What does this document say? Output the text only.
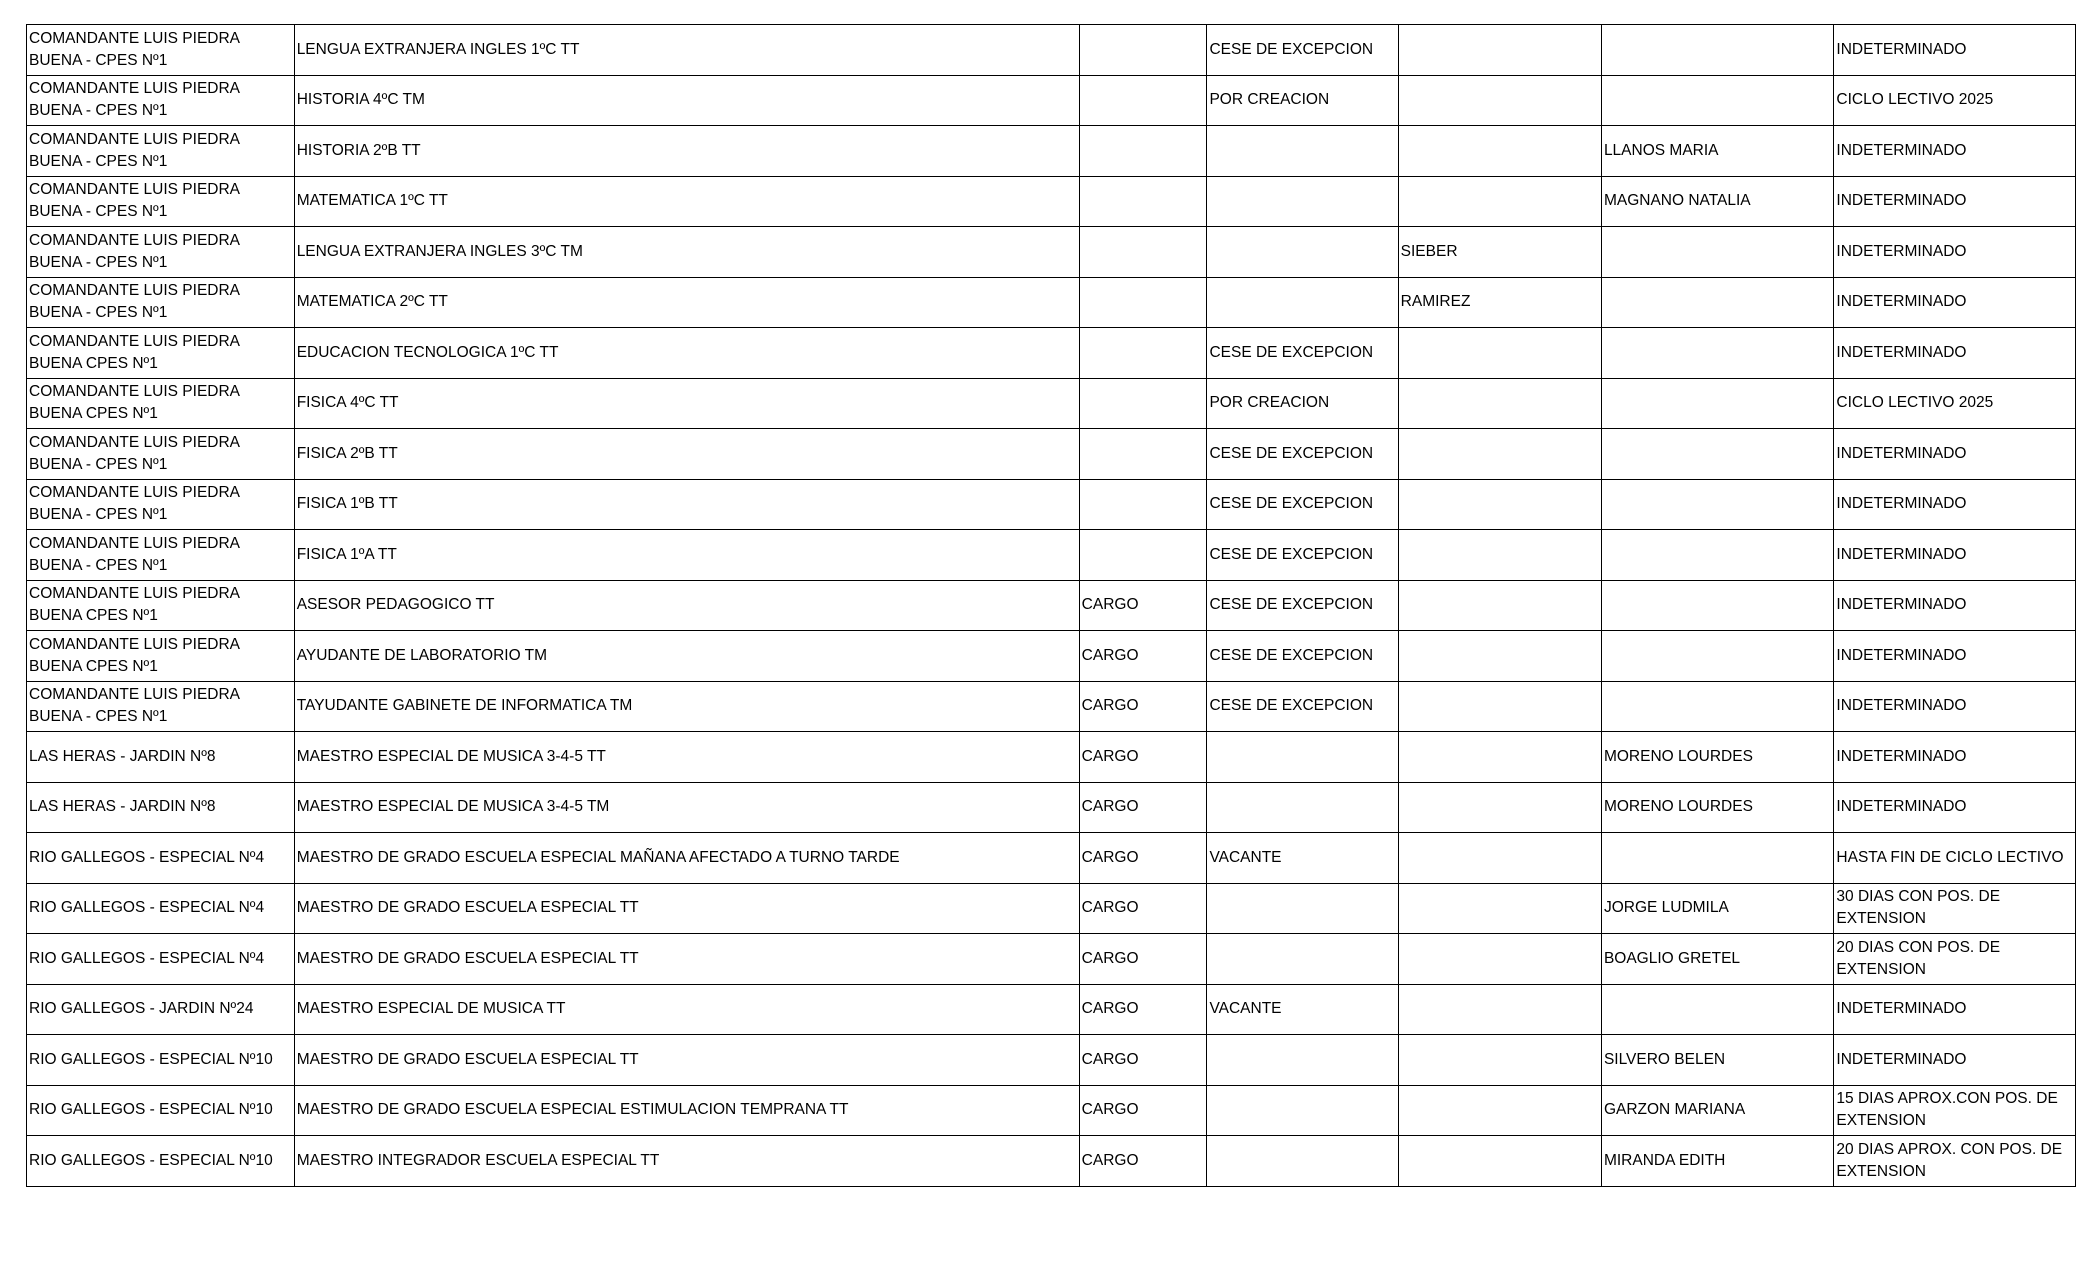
COMANDANTE LUIS PIEDRA BUENA - CPES Nº1	LENGUA EXTRANJERA INGLES 1ºC TT		CESE DE EXCEPCION			INDETERMINADO
COMANDANTE LUIS PIEDRA BUENA - CPES Nº1	HISTORIA 4ºC TM		POR CREACION			CICLO LECTIVO 2025
COMANDANTE LUIS PIEDRA BUENA - CPES Nº1	HISTORIA 2ºB TT				LLANOS MARIA	INDETERMINADO
COMANDANTE LUIS PIEDRA BUENA - CPES Nº1	MATEMATICA 1ºC TT				MAGNANO NATALIA	INDETERMINADO
COMANDANTE LUIS PIEDRA BUENA - CPES Nº1	LENGUA EXTRANJERA INGLES 3ºC TM			SIEBER		INDETERMINADO
COMANDANTE LUIS PIEDRA BUENA - CPES Nº1	MATEMATICA 2ºC TT			RAMIREZ		INDETERMINADO
COMANDANTE LUIS PIEDRA BUENA CPES Nº1	EDUCACION TECNOLOGICA 1ºC TT		CESE DE EXCEPCION			INDETERMINADO
COMANDANTE LUIS PIEDRA BUENA CPES Nº1	FISICA 4ºC TT		POR CREACION			CICLO LECTIVO 2025
COMANDANTE LUIS PIEDRA BUENA - CPES Nº1	FISICA 2ºB TT		CESE DE EXCEPCION			INDETERMINADO
COMANDANTE LUIS PIEDRA BUENA - CPES Nº1	FISICA 1ºB TT		CESE DE EXCEPCION			INDETERMINADO
COMANDANTE LUIS PIEDRA BUENA - CPES Nº1	FISICA 1ºA TT		CESE DE EXCEPCION			INDETERMINADO
COMANDANTE LUIS PIEDRA BUENA CPES Nº1	ASESOR PEDAGOGICO TT	CARGO	CESE DE EXCEPCION			INDETERMINADO
COMANDANTE LUIS PIEDRA BUENA CPES Nº1	AYUDANTE DE LABORATORIO TM	CARGO	CESE DE EXCEPCION			INDETERMINADO
COMANDANTE LUIS PIEDRA BUENA - CPES Nº1	TAYUDANTE GABINETE DE INFORMATICA TM	CARGO	CESE DE EXCEPCION			INDETERMINADO
LAS HERAS - JARDIN Nº8	MAESTRO ESPECIAL DE MUSICA 3-4-5 TT	CARGO			MORENO LOURDES	INDETERMINADO
LAS HERAS - JARDIN Nº8	MAESTRO ESPECIAL DE MUSICA 3-4-5 TM	CARGO			MORENO LOURDES	INDETERMINADO
RIO GALLEGOS - ESPECIAL Nº4	MAESTRO DE GRADO ESCUELA ESPECIAL MAÑANA AFECTADO A TURNO TARDE	CARGO	VACANTE			HASTA FIN DE CICLO LECTIVO
RIO GALLEGOS - ESPECIAL Nº4	MAESTRO DE GRADO ESCUELA ESPECIAL TT	CARGO			JORGE LUDMILA	30 DIAS CON POS. DE EXTENSION
RIO GALLEGOS - ESPECIAL Nº4	MAESTRO DE GRADO ESCUELA ESPECIAL TT	CARGO			BOAGLIO GRETEL	20 DIAS CON POS. DE EXTENSION
RIO GALLEGOS - JARDIN Nº24	MAESTRO ESPECIAL DE MUSICA TT	CARGO	VACANTE			INDETERMINADO
RIO GALLEGOS - ESPECIAL Nº10	MAESTRO DE GRADO ESCUELA ESPECIAL TT	CARGO			SILVERO BELEN	INDETERMINADO
RIO GALLEGOS - ESPECIAL Nº10	MAESTRO DE GRADO ESCUELA ESPECIAL ESTIMULACION TEMPRANA TT	CARGO			GARZON MARIANA	15 DIAS APROX.CON POS. DE EXTENSION
RIO GALLEGOS - ESPECIAL Nº10	MAESTRO INTEGRADOR ESCUELA ESPECIAL TT	CARGO			MIRANDA EDITH	20 DIAS APROX. CON POS. DE EXTENSION
